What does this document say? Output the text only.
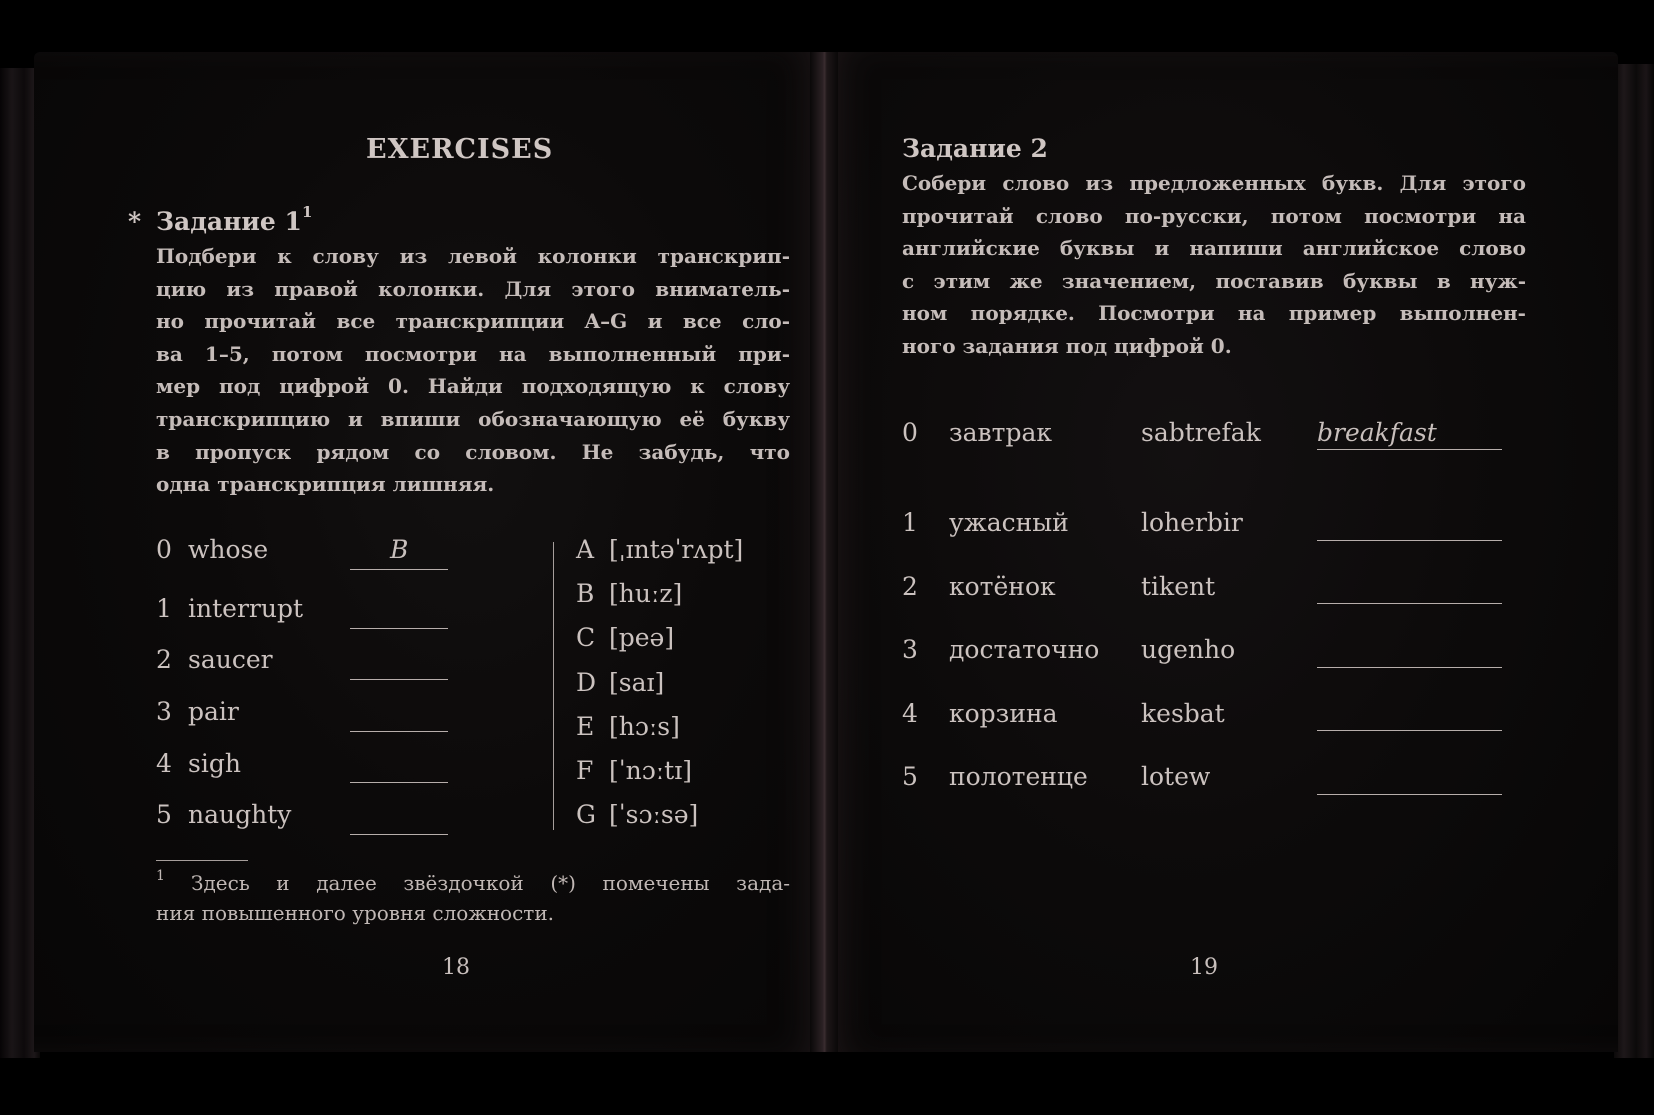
EXERCISES
* Задание $1^1$
Подбери к слову из левой колонки транскрип-
цию из правой колонки. Для этого вниматель-
но прочитай все транскрипции A–G и все сло-
ва 1–5, потом посмотри на выполненный при-
мер под цифрой 0. Найди подходящую к слову
транскрипцию и впиши обозначающую её букву
в пропуск рядом со словом. Не забудь, что
одна транскрипция лишняя.
0 whose	B
1 interrupt
2 saucer
3 pair
4 sigh
5 naughty
A [ˌɪntəˈrʌpt]
B [huːz]
C [peə]
D [saɪ]
E [hɔːs]
F [ˈnɔːtɪ]
G [ˈsɔːsə]
1	Здесь и далее звёздочкой (*) помечены зада-
ния повышенного уровня сложности.
18
Задание 2
Собери слово из предложенных букв. Для этого
прочитай слово по-русски, потом посмотри на
английские буквы и напиши английское слово
с этим же значением, поставив буквы в нуж-
ном порядке. Посмотри на пример выполнен-
ного задания под цифрой 0.
0 завтрак	sabtrefak breakfast
1 ужасный	loherbir
2 котёнок	tikent
3 достаточно ugenho
4 корзина	kesbat
5 полотенце lotew
19
